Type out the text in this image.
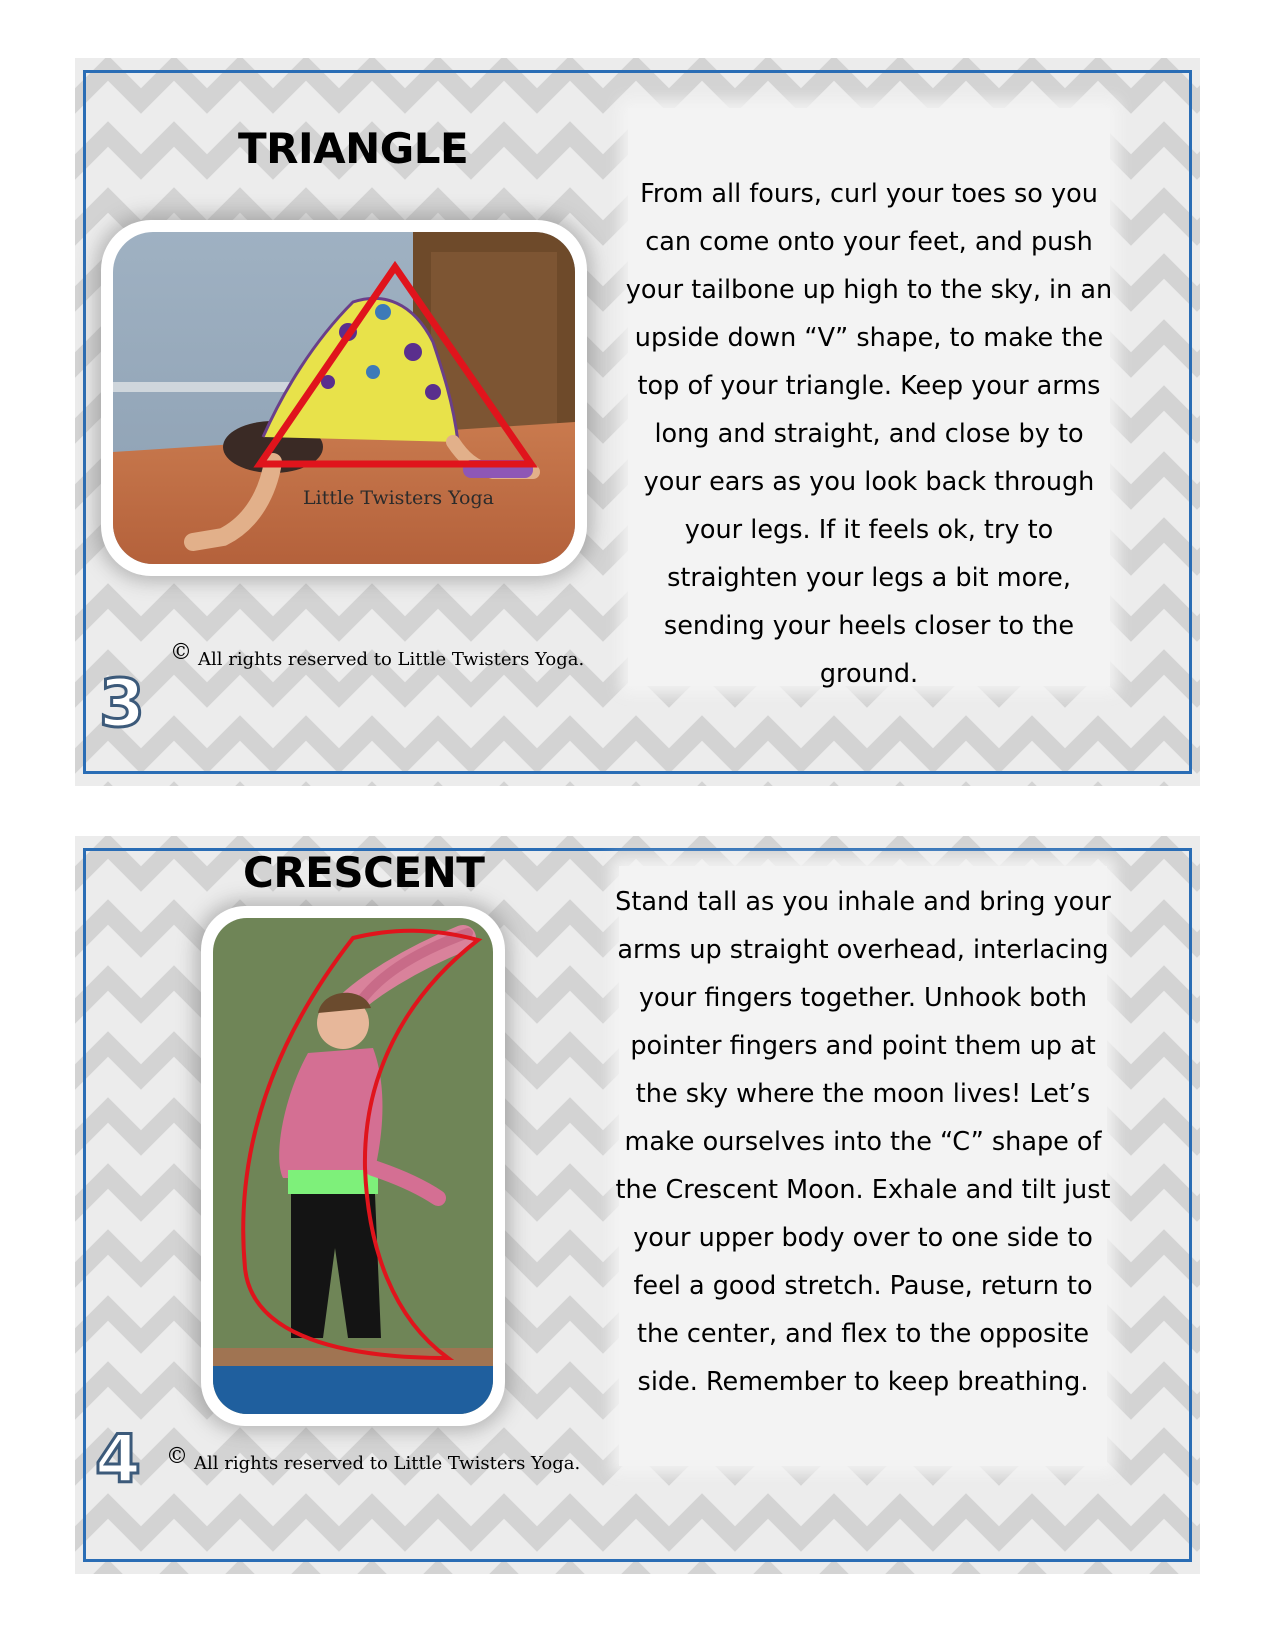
TRIANGLE
Little Twisters Yoga

From all fours, curl your toes so you can come onto your feet, and push your tailbone up high to the sky, in an upside down “V” shape, to make the top of your triangle. Keep your arms long and straight, and close by to your ears as you look back through your legs. If it feels ok, try to straighten your legs a bit more, sending your heels closer to the ground.

© All rights reserved to Little Twisters Yoga.
3
CRESCENT

Stand tall as you inhale and bring your arms up straight overhead, interlacing your fingers together. Unhook both pointer fingers and point them up at the sky where the moon lives! Let’s make ourselves into the “C” shape of the Crescent Moon. Exhale and tilt just your upper body over to one side to feel a good stretch. Pause, return to the center, and flex to the opposite side. Remember to keep breathing.

© All rights reserved to Little Twisters Yoga.
4
